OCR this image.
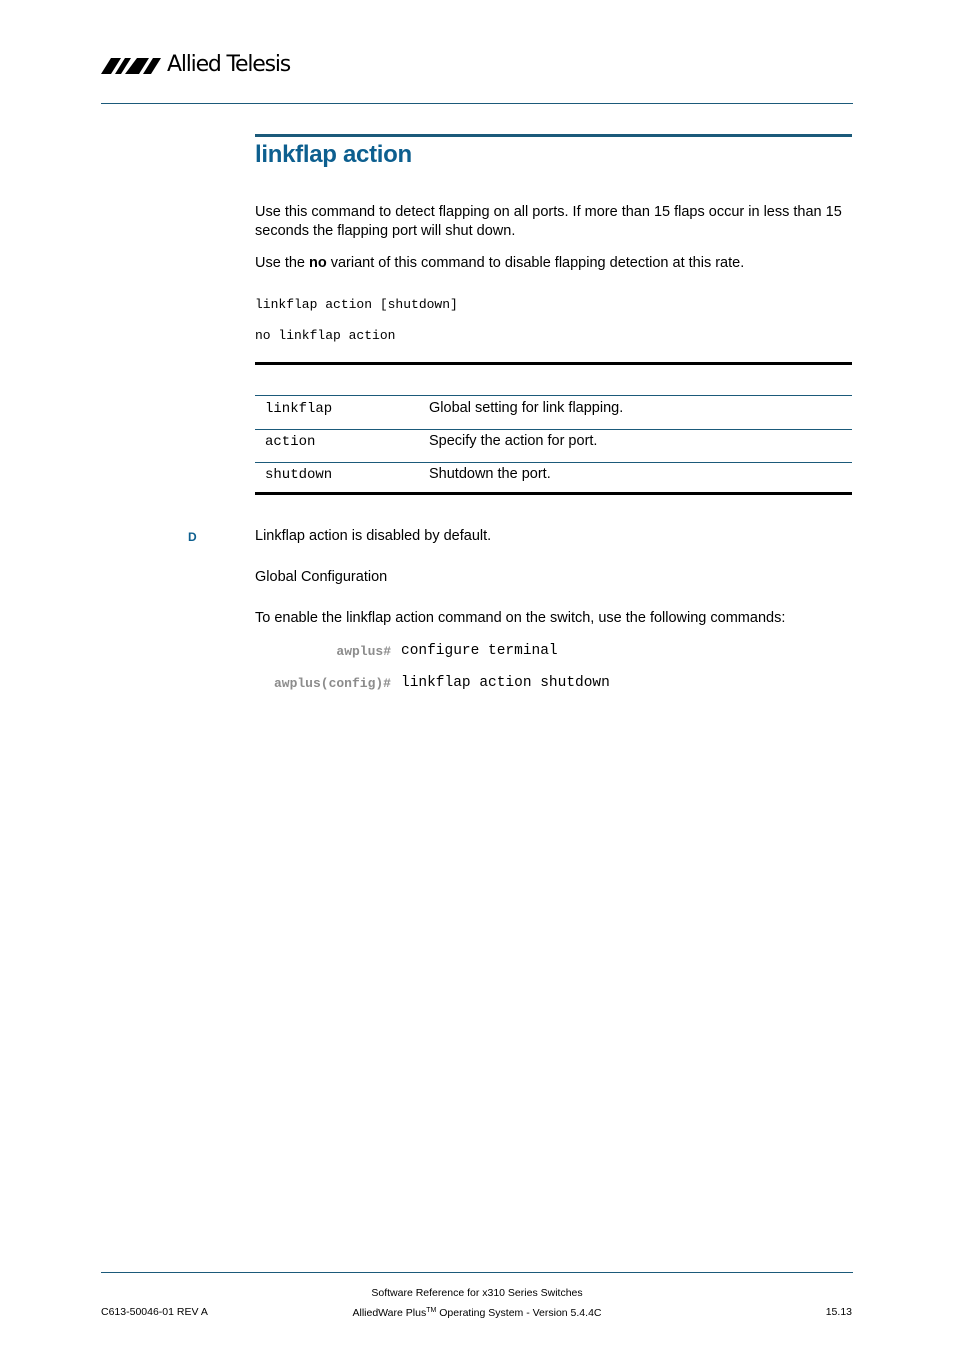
Allied Telesis
linkflap action
Use this command to detect flapping on all ports. If more than 15 flaps occur in less than 15 seconds the flapping port will shut down.
Use the no variant of this command to disable flapping detection at this rate.
linkflap action [shutdown]
no linkflap action
linkflap	Global setting for link flapping.
action	Specify the action for port.
shutdown	Shutdown the port.
D	Linkflap action is disabled by default.
Global Configuration
To enable the linkflap action command on the switch, use the following commands:
awplus# configure terminal
awplus(config)# linkflap action shutdown
Software Reference for x310 Series Switches
AlliedWare Plus™ Operating System - Version 5.4.4C
C613-50046-01 REV A	15.13
